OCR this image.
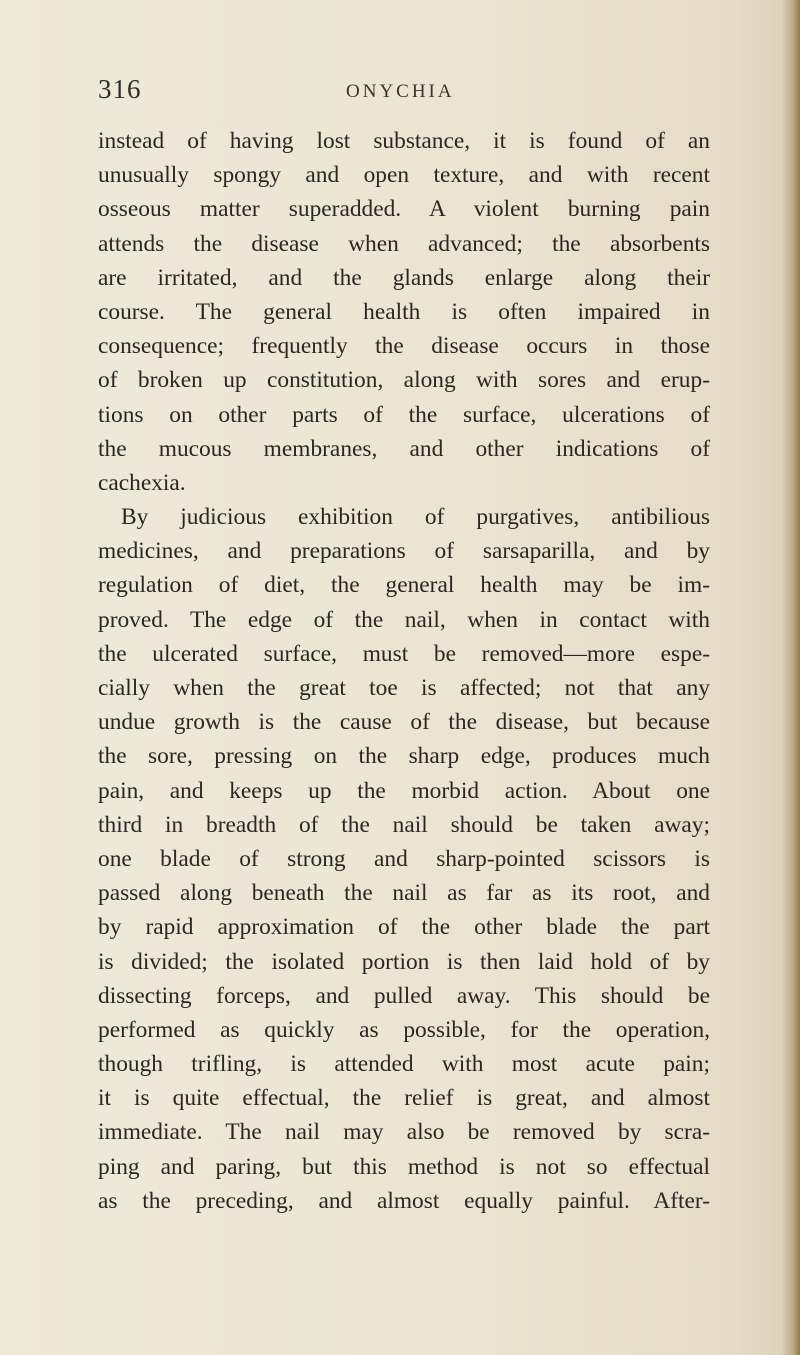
316	ONYCHIA
instead of having lost substance, it is found of an
unusually spongy and open texture, and with recent
osseous matter superadded. A violent burning pain
attends the disease when advanced; the absorbents
are irritated, and the glands enlarge along their
course. The general health is often impaired in
consequence; frequently the disease occurs in those
of broken up constitution, along with sores and erup-
tions on other parts of the surface, ulcerations of
the mucous membranes, and other indications of
cachexia.
By judicious exhibition of purgatives, antibilious
medicines, and preparations of sarsaparilla, and by
regulation of diet, the general health may be im-
proved. The edge of the nail, when in contact with
the ulcerated surface, must be removed—more espe-
cially when the great toe is affected; not that any
undue growth is the cause of the disease, but because
the sore, pressing on the sharp edge, produces much
pain, and keeps up the morbid action. About one
third in breadth of the nail should be taken away;
one blade of strong and sharp-pointed scissors is
passed along beneath the nail as far as its root, and
by rapid approximation of the other blade the part
is divided; the isolated portion is then laid hold of by
dissecting forceps, and pulled away. This should be
performed as quickly as possible, for the operation,
though trifling, is attended with most acute pain;
it is quite effectual, the relief is great, and almost
immediate. The nail may also be removed by scra-
ping and paring, but this method is not so effectual
as the preceding, and almost equally painful. After-
